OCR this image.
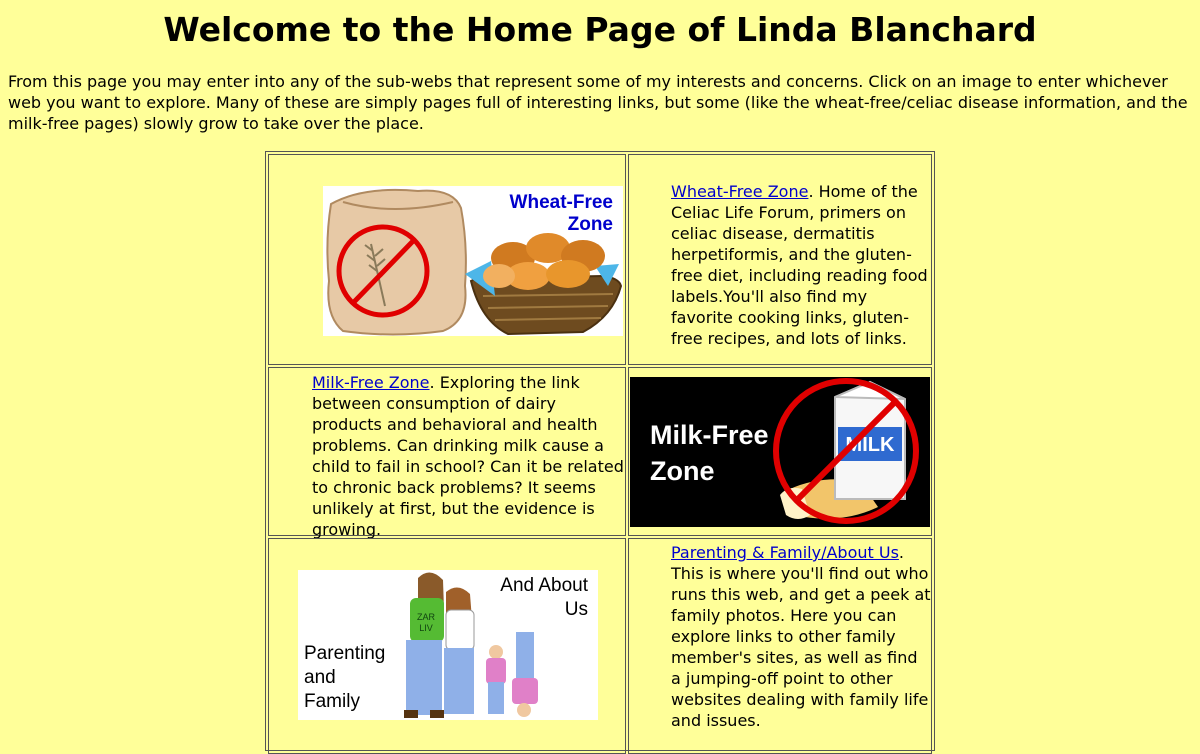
Welcome to the Home Page of Linda Blanchard

From this page you may enter into any of the sub-webs that represent some of my interests and concerns. Click on an image to enter whichever web you want to explore. Many of these are simply pages full of interesting links, but some (like the wheat-free/celiac disease information, and the milk-free pages) slowly grow to take over the place.

Wheat-Free
Zone
Wheat-Free Zone. Home of the Celiac Life Forum, primers on celiac disease, dermatitis herpetiformis, and the gluten-free diet, including reading food labels.You'll also find my favorite cooking links, gluten-free recipes, and lots of links.
Milk-Free Zone. Exploring the link between consumption of dairy products and behavioral and health problems. Can drinking milk cause a child to fail in school? Can it be related to chronic back problems? It seems unlikely at first, but the evidence is growing.
MILK
Milk-Free
Zone
ZAR
LIV
And About
Us
Parenting
and
Family
Parenting & Family/About Us. This is where you'll find out who runs this web, and get a peek at family photos. Here you can explore links to other family member's sites, as well as find a jumping-off point to other websites dealing with family life and issues.
